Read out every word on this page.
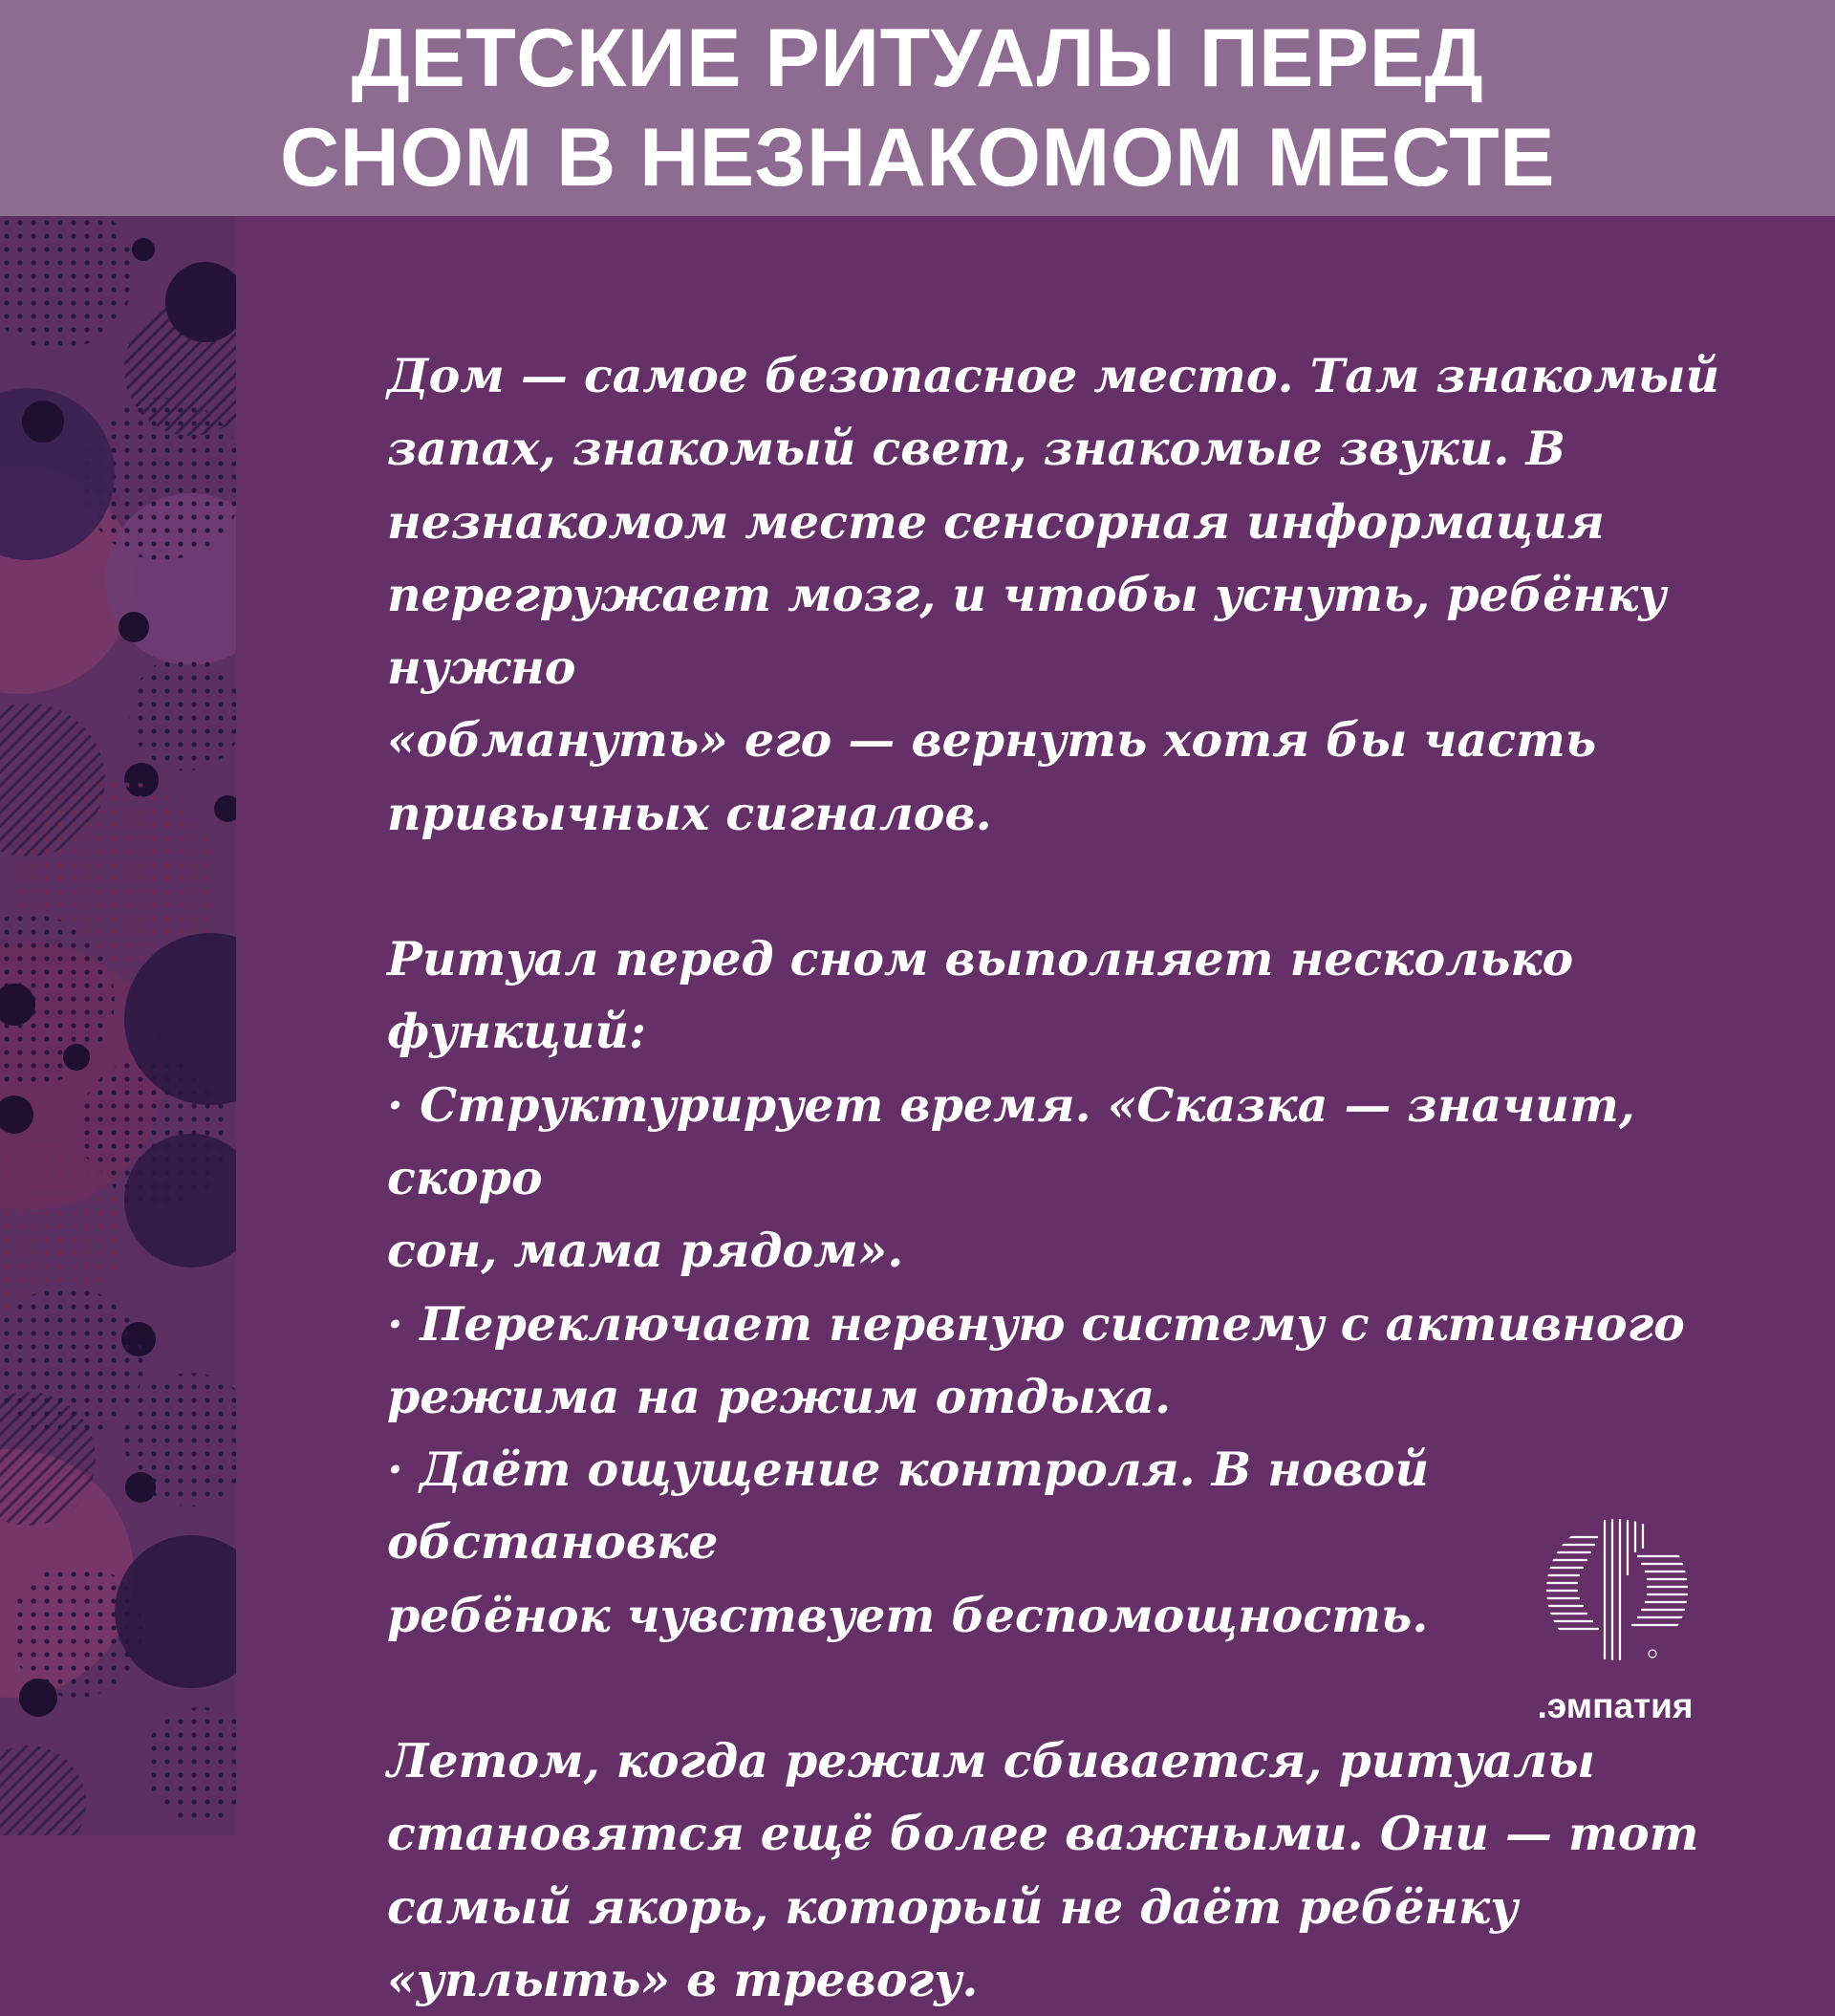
ДЕТСКИЕ РИТУАЛЫ ПЕРЕД
СНОМ В НЕЗНАКОМОМ МЕСТЕ

Дом — самое безопасное место. Там знакомый
запах, знакомый свет, знакомые звуки. В
незнакомом месте сенсорная информация
перегружает мозг, и чтобы уснуть, ребёнку нужно
«обмануть» его — вернуть хотя бы часть
привычных сигналов.

Ритуал перед сном выполняет несколько функций:
· Структурирует время. «Сказка — значит, скоро
сон, мама рядом».
· Переключает нервную систему с активного
режима на режим отдыха.
· Даёт ощущение контроля. В новой обстановке
ребёнок чувствует беспомощность.

Летом, когда режим сбивается, ритуалы
становятся ещё более важными. Они — тот
самый якорь, который не даёт ребёнку
«уплыть» в тревогу.

.эмпатия
